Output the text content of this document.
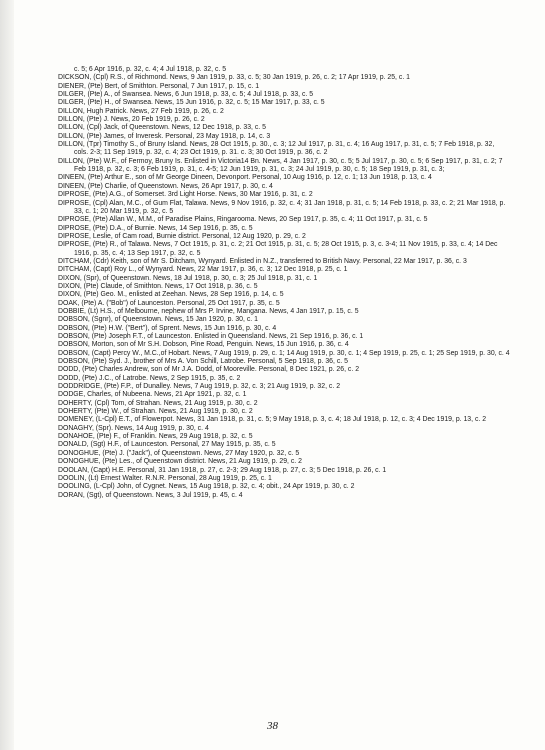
c. 5; 6 Apr 1916, p. 32, c. 4; 4 Jul 1918, p. 32, c. 5

DICKSON, (Cpl) R.S., of Richmond. News, 9 Jan 1919, p. 33, c. 5; 30 Jan 1919, p. 26, c. 2; 17 Apr 1919, p. 25, c. 1

DIENER, (Pte) Bert, of Smithton. Personal, 7 Jun 1917, p. 15, c. 1

DILGER, (Pte) A., of Swansea. News, 6 Jun 1918, p. 33, c. 5; 4 Jul 1918, p. 33, c. 5

DILGER, (Pte) H., of Swansea. News, 15 Jun 1916, p. 32, c. 5; 15 Mar 1917, p. 33, c. 5

DILLON, Hugh Patrick. News, 27 Feb 1919, p. 26, c. 2

DILLON, (Pte) J. News, 20 Feb 1919, p. 26, c. 2

DILLON, (Cpl) Jack, of Queenstown. News, 12 Dec 1918, p. 33, c. 5

DILLON, (Pte) James, of Inveresk. Personal, 23 May 1918, p. 14, c. 3

DILLON, (Tpr) Timothy S., of Bruny Island. News, 28 Oct 1915, p. 30., c. 3; 12 Jul 1917, p. 31, c. 4; 16 Aug 1917, p. 31, c. 5; 7 Feb 1918, p. 32, cols. 2-3; 11 Sep 1919, p. 32, c. 4; 23 Oct 1919, p. 31. c. 3; 30 Oct 1919, p. 36, c. 2

DILLON, (Pte) W.F., of Fermoy, Bruny Is. Enlisted in Victoria14 Bn. News, 4 Jan 1917, p. 30, c. 5; 5 Jul 1917, p. 30, c. 5; 6 Sep 1917, p. 31, c. 2; 7 Feb 1918, p. 32, c. 3; 6 Feb 1919, p. 31, c. 4-5; 12 Jun 1919, p. 31, c. 3; 24 Jul 1919, p. 30, c. 5; 18 Sep 1919, p. 31, c. 3;

DINEEN, (Pte) Arthur E., son of Mr George Dineen, Devonport. Personal, 10 Aug 1916, p. 12, c. 1; 13 Jun 1918, p. 13, c. 4

DINEEN, (Pte) Charlie, of Queenstown. News, 26 Apr 1917, p. 30, c. 4

DIPROSE, (Pte) A.G., of Somerset. 3rd Light Horse. News, 30 Mar 1916, p. 31, c. 2

DIPROSE, (Cpl) Alan, M.C., of Gum Flat, Talawa. News, 9 Nov 1916, p. 32, c. 4; 31 Jan 1918, p. 31, c. 5; 14 Feb 1918, p. 33, c. 2; 21 Mar 1918, p. 33, c. 1; 20 Mar 1919, p. 32, c. 5

DIPROSE, (Pte) Allan W., M.M., of Paradise Plains, Ringarooma. News, 20 Sep 1917, p. 35, c. 4; 11 Oct 1917, p. 31, c. 5

DIPROSE, (Pte) D.A., of Burnie. News, 14 Sep 1916, p. 35, c. 5

DIPROSE, Leslie, of Cam road, Burnie district. Personal, 12 Aug 1920, p. 29, c. 2

DIPROSE, (Pte) R., of Talawa. News, 7 Oct 1915, p. 31, c. 2; 21 Oct 1915, p. 31, c. 5; 28 Oct 1915, p. 3, c. 3-4; 11 Nov 1915, p. 33, c. 4; 14 Dec 1916, p. 35, c. 4; 13 Sep 1917, p. 32, c. 5

DITCHAM, (Cdr) Keith, son of Mr S. Ditcham, Wynyard. Enlisted in N.Z., transferred to British Navy. Personal, 22 Mar 1917, p. 36, c. 3

DITCHAM, (Capt) Roy L., of Wynyard. News, 22 Mar 1917, p. 36, c. 3; 12 Dec 1918, p. 25, c. 1

DIXON, (Spr), of Queenstown. News, 18 Jul 1918, p. 30, c. 3; 25 Jul 1918, p. 31, c. 1

DIXON, (Pte) Claude, of Smithton. News, 17 Oct 1918, p. 36, c. 5

DIXON, (Pte) Geo. M., enlisted at Zeehan. News, 28 Sep 1916, p. 14, c. 5

DOAK, (Pte) A. ("Bob") of Launceston. Personal, 25 Oct 1917, p. 35, c. 5

DOBBIE, (Lt) H.S., of Melbourne, nephew of Mrs P. Irvine, Mangana. News, 4 Jan 1917, p. 15, c. 5

DOBSON, (Sgnr), of Queenstown. News, 15 Jan 1920, p. 30, c. 1

DOBSON, (Pte) H.W. ("Bert"), of Sprent. News, 15 Jun 1916, p. 30, c. 4

DOBSON, (Pte) Joseph F.T., of Launceston. Enlisted in Queensland. News, 21 Sep 1916, p. 36, c. 1

DOBSON, Morton, son of Mr S.H. Dobson, Pine Road, Penguin. News, 15 Jun 1916, p. 36, c. 4

DOBSON, (Capt) Percy W., M.C.,of Hobart. News, 7 Aug 1919, p. 29, c. 1; 14 Aug 1919, p. 30, c. 1; 4 Sep 1919, p. 25, c. 1; 25 Sep 1919, p. 30, c. 4

DOBSON, (Pte) Syd. J., brother of Mrs A. Von Schill, Latrobe. Personal, 5 Sep 1918, p. 36, c. 5

DODD, (Pte) Charles Andrew, son of Mr J.A. Dodd, of Mooreville. Personal, 8 Dec 1921, p. 26, c. 2

DODD, (Pte) J.C., of Latrobe. News, 2 Sep 1915, p. 35, c. 2

DODDRIDGE, (Pte) F.P., of Dunalley. News, 7 Aug 1919, p. 32, c. 3; 21 Aug 1919, p. 32, c. 2

DODGE, Charles, of Nubeena. News, 21 Apr 1921, p. 32, c. 1

DOHERTY, (Cpl) Tom, of Strahan. News, 21 Aug 1919, p. 30, c. 2

DOHERTY, (Pte) W., of Strahan. News, 21 Aug 1919, p. 30, c. 2

DOMENEY, (L-Cpl) E.T., of Flowerpot. News, 31 Jan 1918, p. 31, c. 5; 9 May 1918, p. 3, c. 4; 18 Jul 1918, p. 12, c. 3; 4 Dec 1919, p. 13, c. 2

DONAGHY, (Spr). News, 14 Aug 1919, p. 30, c. 4

DONAHOE, (Pte) F., of Franklin. News, 29 Aug 1918, p. 32, c. 5

DONALD, (Sgt) H.F., of Launceston. Personal, 27 May 1915, p. 35, c. 5

DONOGHUE, (Pte) J. ("Jack"), of Queenstown. News, 27 May 1920, p. 32, c. 5

DONOGHUE, (Pte) Les., of Queenstown district. News, 21 Aug 1919, p. 29, c. 2

DOOLAN, (Capt) H.E. Personal, 31 Jan 1918, p. 27, c. 2-3; 29 Aug 1918, p. 27, c. 3; 5 Dec 1918, p. 26, c. 1

DOOLIN, (Lt) Ernest Walter. R.N.R. Personal, 28 Aug 1919, p. 25, c. 1

DOOLING, (L-Cpl) John, of Cygnet. News, 15 Aug 1918, p. 32, c. 4; obit., 24 Apr 1919, p. 30, c. 2

DORAN, (Sgt), of Queenstown. News, 3 Jul 1919, p. 45, c. 4

38
